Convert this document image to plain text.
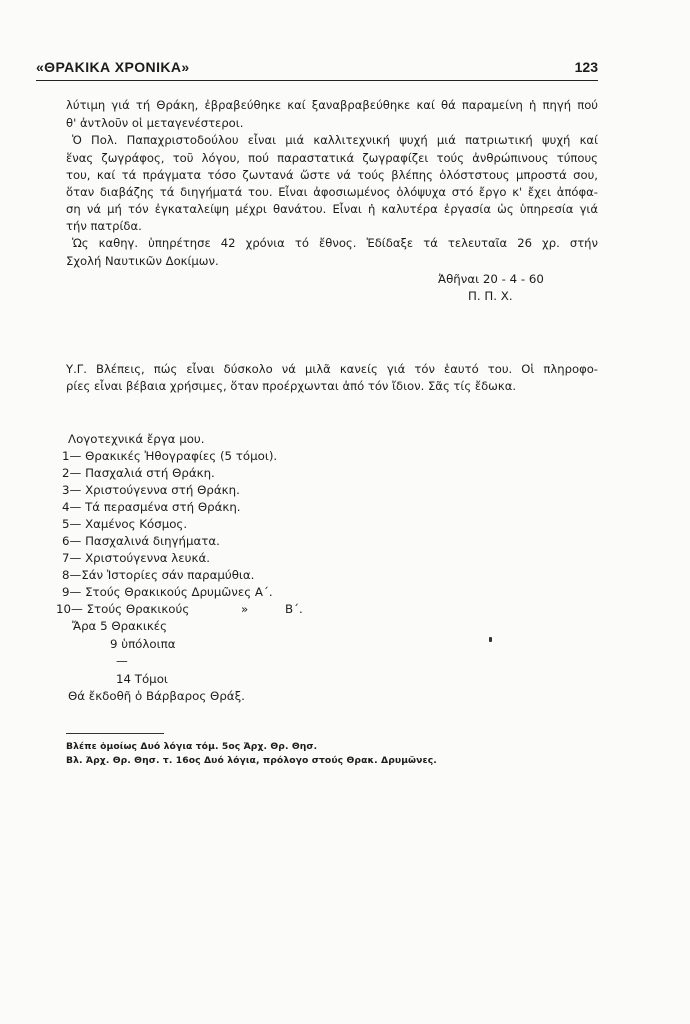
«ΘΡΑΚΙΚΑ ΧΡΟΝΙΚΑ»	123
λύτιμη γιά τή Θράκη, ἐβραβεύθηκε καί ξαναβραβεύθηκε καί θά παραμείνη ἡ πηγή πού
θ' ἀντλοῦν οἱ μεταγενέστεροι.
Ὁ Πολ. Παπαχριστοδούλου εἶναι μιά καλλιτεχνική ψυχή μιά πατριωτική ψυχή καί
ἕνας ζωγράφος, τοῦ λόγου, πού παραστατικά ζωγραφίζει τούς ἀνθρώπινους τύπους
του, καί τά πράγματα τόσο ζωντανά ὥστε νά τούς βλέπης ὁλόστστους μπροστά σου,
ὅταν διαβάζης τά διηγήματά του. Εἶναι ἀφοσιωμένος ὁλόψυχα στό ἔργο κ' ἔχει ἀπόφα-
ση νά μή τόν ἐγκαταλείψη μέχρι θανάτου. Εἶναι ἡ καλυτέρα ἐργασία ὡς ὑπηρεσία γιά
τήν πατρίδα.
Ὡς καθηγ. ὑπηρέτησε 42 χρόνια τό ἔθνος. Ἐδίδαξε τά τελευταῖα 26 χρ. στήν
Σχολή Ναυτικῶν Δοκίμων.
Ἀθῆναι 20 - 4 - 60
Π. Π. Χ.
Υ.Γ. Βλέπεις, πώς εἶναι δύσκολο νά μιλᾶ κανείς γιά τόν ἑαυτό του. Οἱ πληροφο-
ρίες εἶναι βέβαια χρήσιμες, ὅταν προέρχωνται ἀπό τόν ἴδιον. Σᾶς τίς ἔδωκα.
Λογοτεχνικά ἔργα μου.
1— Θρακικές Ἠθογραφίες (5 τόμοι).
2— Πασχαλιά στή Θράκη.
3— Χριστούγεννα στή Θράκη.
4— Τά περασμένα στή Θράκη.
5— Χαμένος Κόσμος.
6— Πασχαλινά διηγήματα.
7— Χριστούγεννα λευκά.
8—Σάν Ἱστορίες σάν παραμύθια.
9— Στούς Θρακικούς Δρυμῶνες Α΄.
10— Στούς Θρακικούς	»	Β΄.
Ἄρα 5 Θρακικές
9 ὑπόλοιπα
—
14 Τόμοι
Θά ἔκδοθῆ ὁ Βάρβαρος Θράξ.
Βλέπε ὁμοίως Δυό λόγια τόμ. 5ος Ἀρχ. Θρ. Θησ.
Βλ. Ἀρχ. Θρ. Θησ. τ. 16ος Δυό λόγια, πρόλογο στούς Θρακ. Δρυμῶνες.
